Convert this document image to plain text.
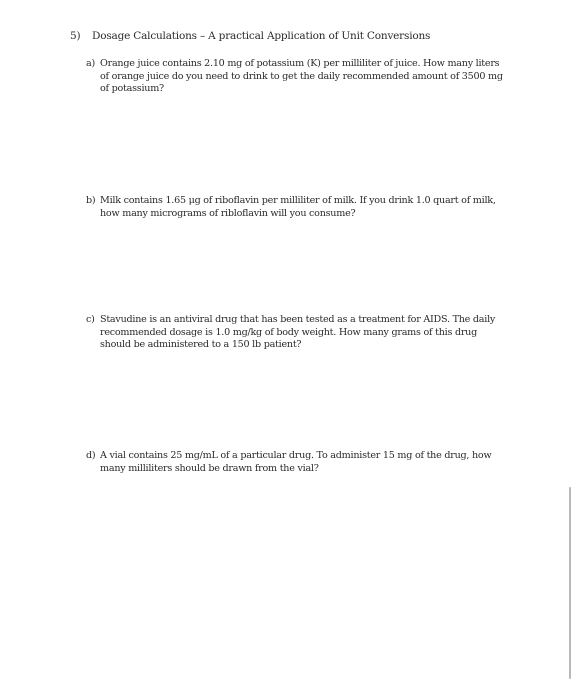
5) Dosage Calculations – A practical Application of Unit Conversions
a) Orange juice contains 2.10 mg of potassium (K) per milliliter of juice. How many liters of orange juice do you need to drink to get the daily recommended amount of 3500 mg of potassium?
b) Milk contains 1.65 μg of riboflavin per milliliter of milk. If you drink 1.0 quart of milk, how many micrograms of ribloflavin will you consume?
c) Stavudine is an antiviral drug that has been tested as a treatment for AIDS. The daily recommended dosage is 1.0 mg/kg of body weight. How many grams of this drug should be administered to a 150 lb patient?
d) A vial contains 25 mg/mL of a particular drug. To administer 15 mg of the drug, how many milliliters should be drawn from the vial?
